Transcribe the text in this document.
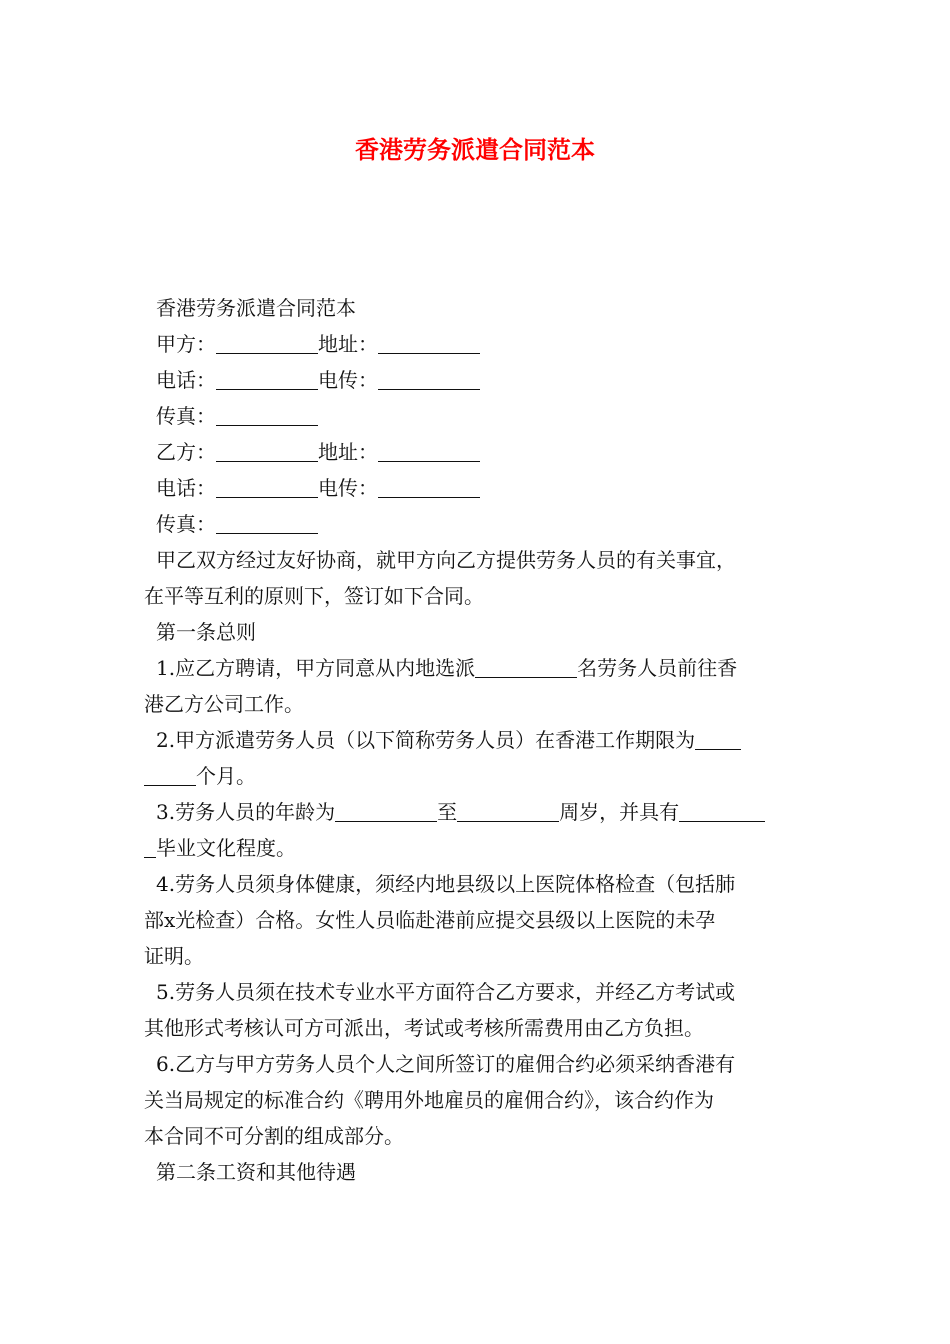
香港劳务派遣合同范本

香港劳务派遣合同范本

甲方：	地址：

电话：	电传：

传真：

乙方：	地址：

电话：	电传：

传真：

甲乙双方经过友好协商，就甲方向乙方提供劳务人员的有关事宜，

在平等互利的原则下，签订如下合同。

第一条总则

1.应乙方聘请，甲方同意从内地选派	名劳务人员前往香

港乙方公司工作。

2.甲方派遣劳务人员（以下简称劳务人员）在香港工作期限为

个月。

3.劳务人员的年龄为	至	周岁，并具有

毕业文化程度。

4.劳务人员须身体健康，须经内地县级以上医院体格检查（包括肺

部x光检查）合格。女性人员临赴港前应提交县级以上医院的未孕

证明。

5.劳务人员须在技术专业水平方面符合乙方要求，并经乙方考试或

其他形式考核认可方可派出，考试或考核所需费用由乙方负担。

6.乙方与甲方劳务人员个人之间所签订的雇佣合约必须采纳香港有

关当局规定的标准合约《聘用外地雇员的雇佣合约》，该合约作为

本合同不可分割的组成部分。

第二条工资和其他待遇
